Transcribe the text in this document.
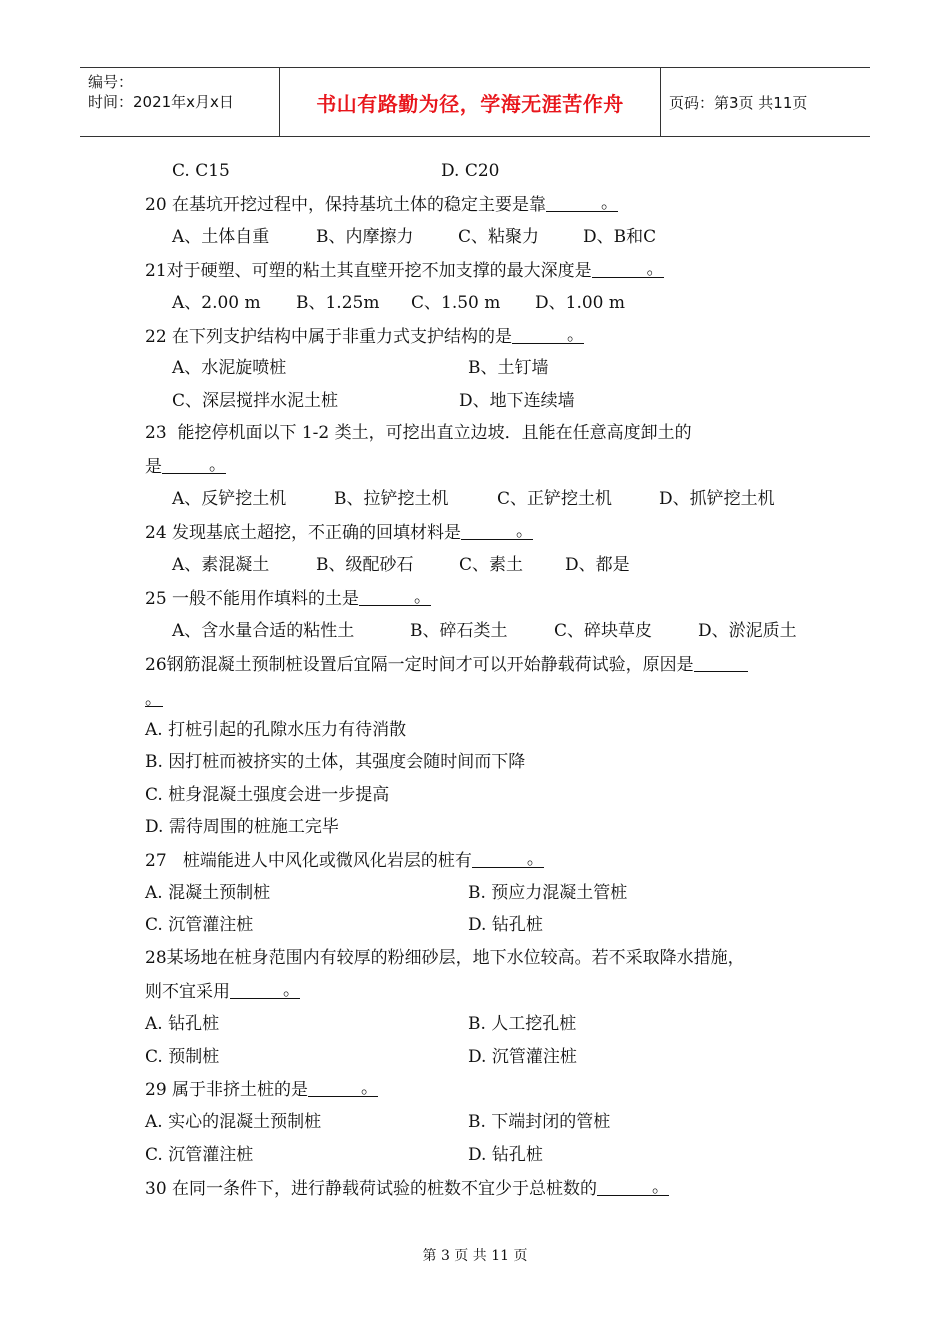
编号：
时间：2021年x月x日	书山有路勤为径，学海无涯苦作舟	页码：第3页 共11页
D. C20
C. C15
20 在基坑开挖过程中，保持基坑土体的稳定主要是靠	。
A、土体自重	B、内摩擦力	C、粘聚力	D、B和C
21对于硬塑、可塑的粘土其直壁开挖不加支撑的最大深度是	。
A、2.00 m B、1.25m C、1.50 m D、1.00 m
22 在下列支护结构中属于非重力式支护结构的是	。
A、水泥旋喷桩	B、土钉墙
C、深层搅拌水泥土桩	D、地下连续墙
23  能挖停机面以下 1-2 类土，可挖出直立边坡．且能在任意高度卸土的
是	。
A、反铲挖土机	B、拉铲挖土机	C、正铲挖土机	D、抓铲挖土机
24 发现基底土超挖，不正确的回填材料是	。
A、素混凝土	B、级配砂石	C、素土 D、都是
25 一般不能用作填料的土是	。
A、含水量合适的粘性土	B、碎石类土	C、碎块草皮	D、淤泥质土
26钢筋混凝土预制桩设置后宜隔一定时间才可以开始静载荷试验，原因是
。
A. 打桩引起的孔隙水压力有待消散
B. 因打桩而被挤实的土体，其强度会随时间而下降
C. 桩身混凝土强度会进一步提高
D. 需待周围的桩施工完毕
27   桩端能进人中风化或微风化岩层的桩有	。
A. 混凝土预制桩	B. 预应力混凝土管桩
C. 沉管灌注桩	D. 钻孔桩
28某场地在桩身范围内有较厚的粉细砂层，地下水位较高。若不采取降水措施，
则不宜采用	。
A. 钻孔桩	B. 人工挖孔桩
C. 预制桩	D. 沉管灌注桩
29 属于非挤土桩的是	。
A. 实心的混凝土预制桩	B. 下端封闭的管桩
C. 沉管灌注桩	D. 钻孔桩
30 在同一条件下，进行静载荷试验的桩数不宜少于总桩数的	。
第 3 页 共 11 页
